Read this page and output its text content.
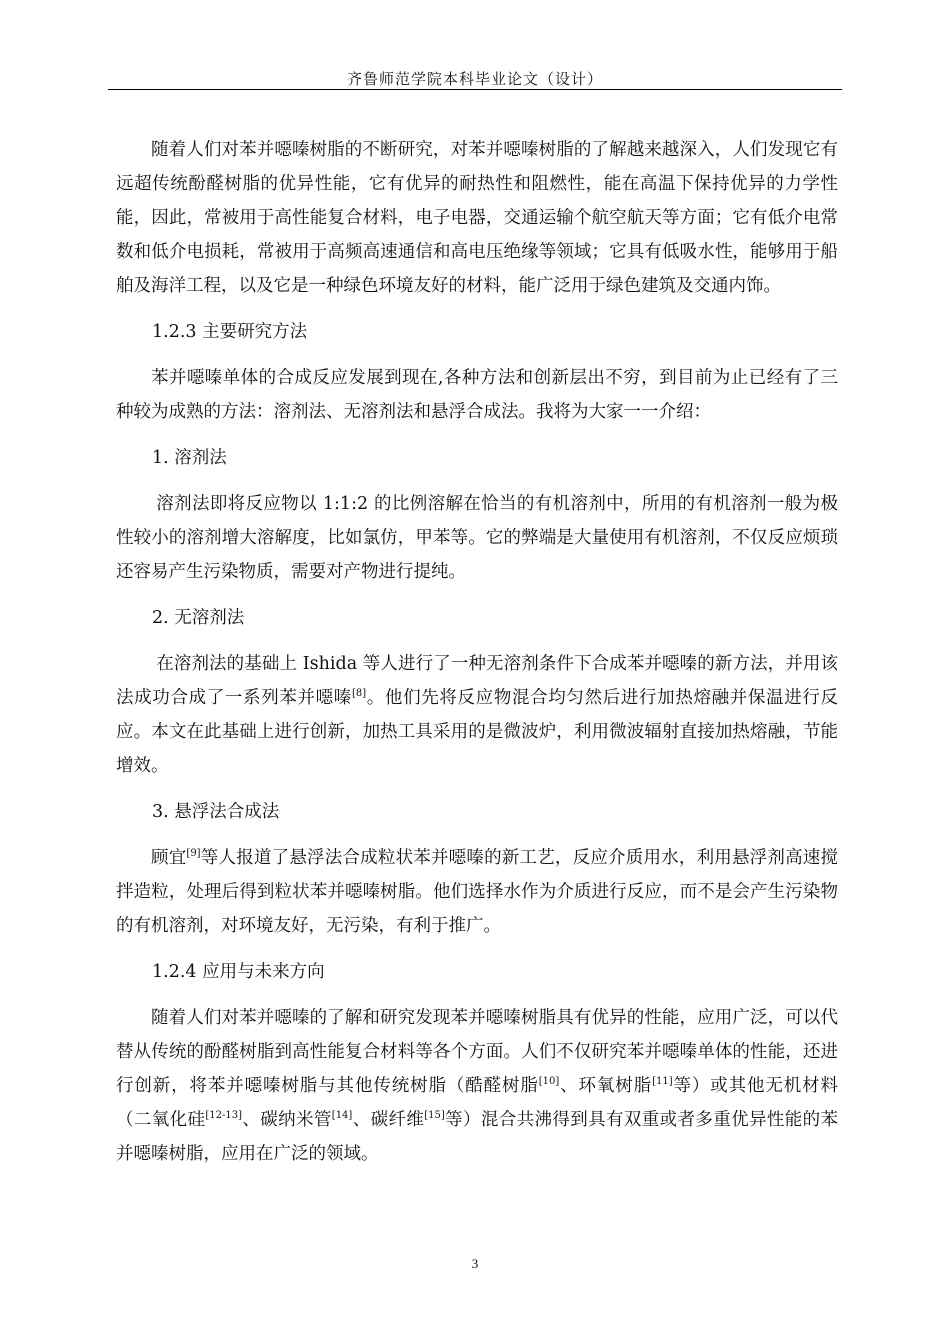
齐鲁师范学院本科毕业论文（设计）

随着人们对苯并噁嗪树脂的不断研究，对苯并噁嗪树脂的了解越来越深入，人们发现它有远超传统酚醛树脂的优异性能，它有优异的耐热性和阻燃性，能在高温下保持优异的力学性能，因此，常被用于高性能复合材料，电子电器，交通运输个航空航天等方面；它有低介电常数和低介电损耗，常被用于高频高速通信和高电压绝缘等领域；它具有低吸水性，能够用于船舶及海洋工程，以及它是一种绿色环境友好的材料，能广泛用于绿色建筑及交通内饰。

1.2.3 主要研究方法

苯并噁嗪单体的合成反应发展到现在,各种方法和创新层出不穷，到目前为止已经有了三种较为成熟的方法：溶剂法、无溶剂法和悬浮合成法。我将为大家一一介绍：

1. 溶剂法

溶剂法即将反应物以 1:1:2 的比例溶解在恰当的有机溶剂中，所用的有机溶剂一般为极性较小的溶剂增大溶解度，比如氯仿，甲苯等。它的弊端是大量使用有机溶剂，不仅反应烦琐还容易产生污染物质，需要对产物进行提纯。

2. 无溶剂法

在溶剂法的基础上 Ishida 等人进行了一种无溶剂条件下合成苯并噁嗪的新方法，并用该法成功合成了一系列苯并噁嗪[8]。他们先将反应物混合均匀然后进行加热熔融并保温进行反应。本文在此基础上进行创新，加热工具采用的是微波炉，利用微波辐射直接加热熔融，节能增效。

3. 悬浮法合成法

顾宜[9]等人报道了悬浮法合成粒状苯并噁嗪的新工艺，反应介质用水，利用悬浮剂高速搅拌造粒，处理后得到粒状苯并噁嗪树脂。他们选择水作为介质进行反应，而不是会产生污染物的有机溶剂，对环境友好，无污染，有利于推广。

1.2.4 应用与未来方向

随着人们对苯并噁嗪的了解和研究发现苯并噁嗪树脂具有优异的性能，应用广泛，可以代替从传统的酚醛树脂到高性能复合材料等各个方面。人们不仅研究苯并噁嗪单体的性能，还进行创新，将苯并噁嗪树脂与其他传统树脂（酷醛树脂[10]、环氧树脂[11]等）或其他无机材料（二氧化硅[12-13]、碳纳米管[14]、碳纤维[15]等）混合共沸得到具有双重或者多重优异性能的苯并噁嗪树脂，应用在广泛的领域。

3
